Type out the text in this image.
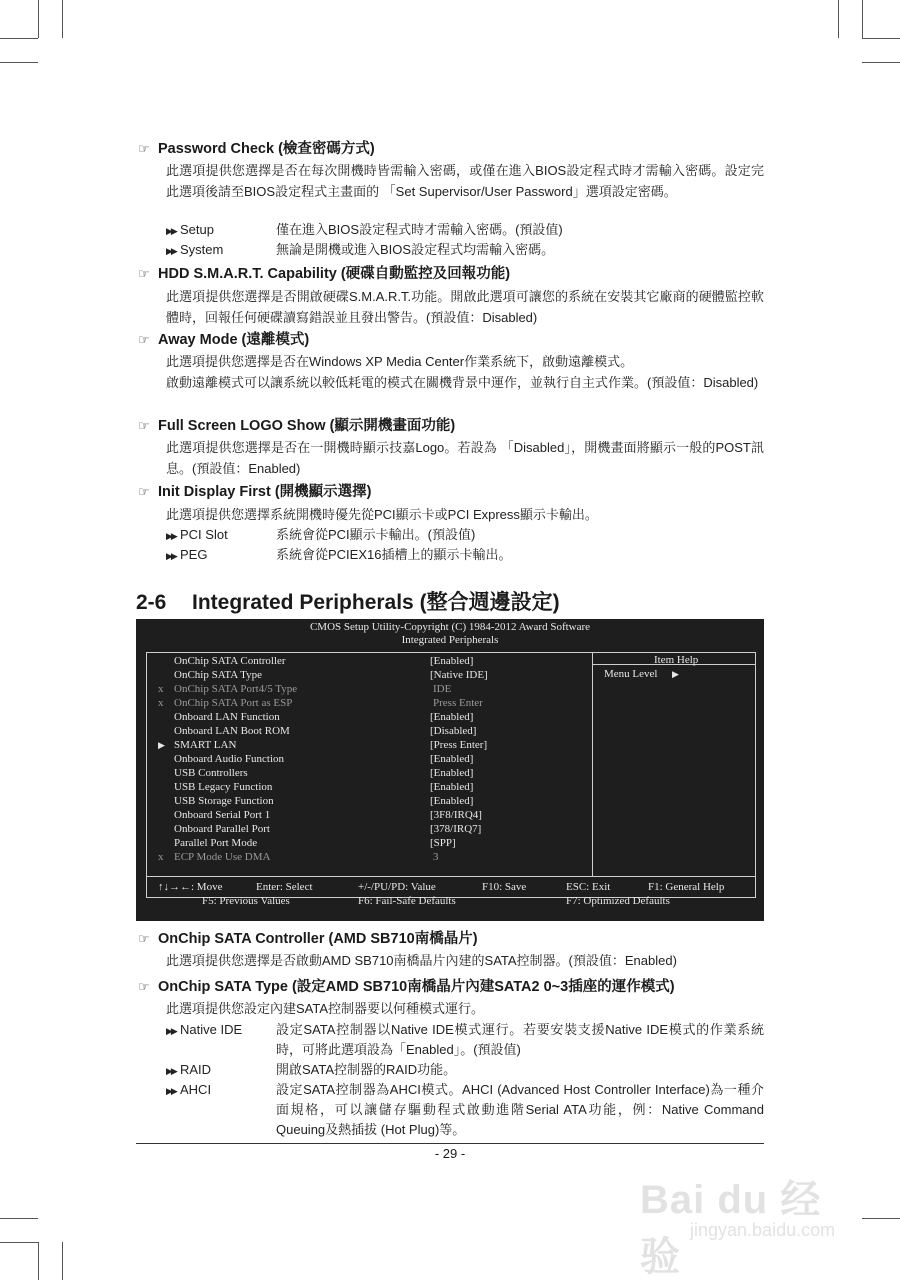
☞ Password Check (檢查密碼方式)
此選項提供您選擇是否在每次開機時皆需輸入密碼，或僅在進入BIOS設定程式時才需輸入密碼。設定完此選項後請至BIOS設定程式主畫面的 「Set Supervisor/User Password」選項設定密碼。
▶▶ Setup	僅在進入BIOS設定程式時才需輸入密碼。(預設值)
▶▶ System	無論是開機或進入BIOS設定程式均需輸入密碼。
☞ HDD S.M.A.R.T. Capability (硬碟自動監控及回報功能)
此選項提供您選擇是否開啟硬碟S.M.A.R.T.功能。開啟此選項可讓您的系統在安裝其它廠商的硬體監控軟體時，回報任何硬碟讀寫錯誤並且發出警告。(預設值：Disabled)
☞ Away Mode (遠離模式)
此選項提供您選擇是否在Windows XP Media Center作業系統下，啟動遠離模式。
啟動遠離模式可以讓系統以較低耗電的模式在關機背景中運作，並執行自主式作業。(預設值：Disabled)
☞ Full Screen LOGO Show (顯示開機畫面功能)
此選項提供您選擇是否在一開機時顯示技嘉Logo。若設為 「Disabled」，開機畫面將顯示一般的POST訊息。(預設值：Enabled)
☞ Init Display First (開機顯示選擇)
此選項提供您選擇系統開機時優先從PCI顯示卡或PCI Express顯示卡輸出。
▶▶ PCI Slot	系統會從PCI顯示卡輸出。(預設值)
▶▶ PEG	系統會從PCIEX16插槽上的顯示卡輸出。
2-6 Integrated Peripherals (整合週邊設定)
CMOS Setup Utility-Copyright (C) 1984-2012 Award Software
Integrated Peripherals
OnChip SATA Controller	[Enabled]
OnChip SATA Type	[Native IDE]
x OnChip SATA Port4/5 Type	IDE
x OnChip SATA Port as ESP	Press Enter
Onboard LAN Function	[Enabled]
Onboard LAN Boot ROM	[Disabled]
▶ SMART LAN	[Press Enter]
Onboard Audio Function	[Enabled]
USB Controllers	[Enabled]
USB Legacy Function	[Enabled]
USB Storage Function	[Enabled]
Onboard Serial Port 1	[3F8/IRQ4]
Onboard Parallel Port	[378/IRQ7]
Parallel Port Mode	[SPP]
x ECP Mode Use DMA	3
Item Help
Menu Level ▶
↑↓→←: Move	Enter: Select	+/-/PU/PD: Value	F10: Save	ESC: Exit	F1: General Help
F5: Previous Values	F6: Fail-Safe Defaults	F7: Optimized Defaults
☞ OnChip SATA Controller (AMD SB710南橋晶片)
此選項提供您選擇是否啟動AMD SB710南橋晶片內建的SATA控制器。(預設值：Enabled)
☞ OnChip SATA Type (設定AMD SB710南橋晶片內建SATA2 0~3插座的運作模式)
此選項提供您設定內建SATA控制器要以何種模式運行。
▶▶ Native IDE	設定SATA控制器以Native IDE模式運行。若要安裝支援Native IDE模式的作業系統時，可將此選項設為「Enabled」。(預設值)
▶▶ RAID	開啟SATA控制器的RAID功能。
▶▶ AHCI	設定SATA控制器為AHCI模式。AHCI (Advanced Host Controller Interface)為一種介面規格，可以讓儲存驅動程式啟動進階Serial ATA功能，例：Native Command Queuing及熱插拔 (Hot Plug)等。
- 29 -
Bai du 经验
jingyan.baidu.com
